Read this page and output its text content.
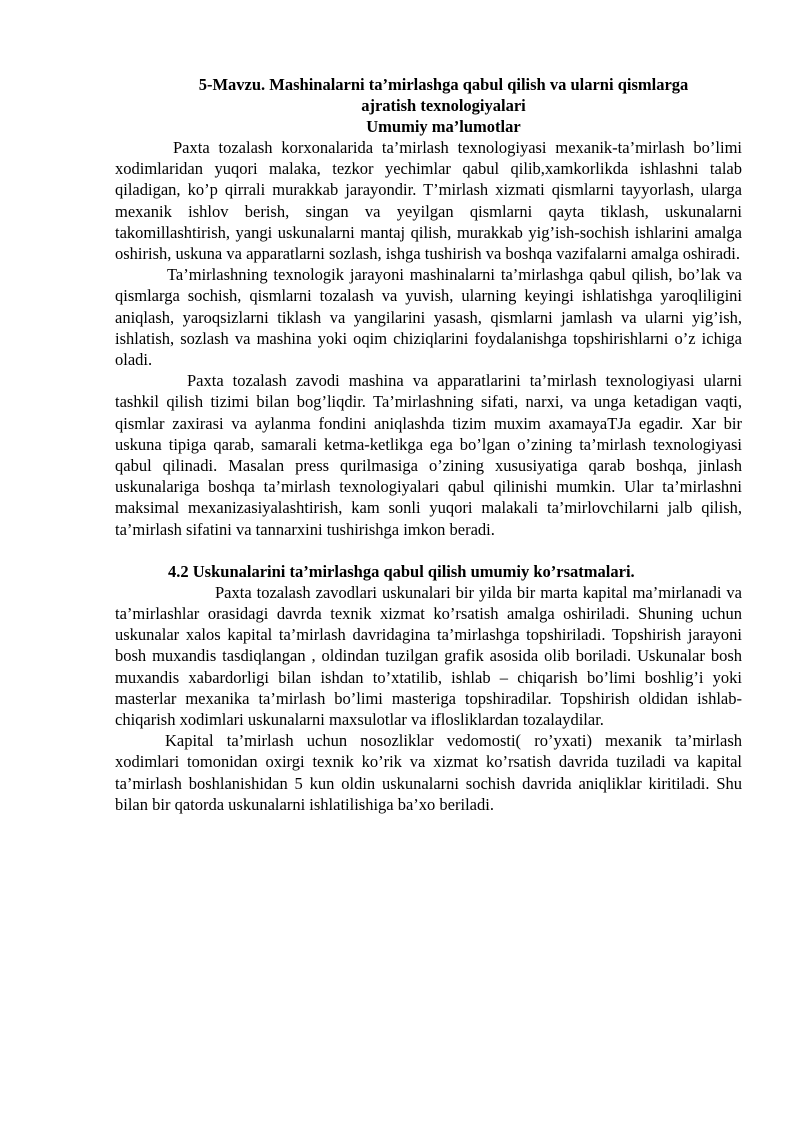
5-Mavzu. Mashinalarni ta’mirlashga qabul qilish va ularni qismlarga

ajratish texnologiyalari

Umumiy ma’lumotlar

Paxta tozalash korxonalarida ta’mirlash texnologiyasi mexanik-ta’mirlash bo’limi xodimlaridan yuqori malaka, tezkor yechimlar qabul qilib,xamkorlikda ishlashni talab qiladigan, ko’p qirrali murakkab jarayondir. T’mirlash xizmati qismlarni tayyorlash, ularga mexanik ishlov berish, singan va yeyilgan qismlarni qayta tiklash, uskunalarni takomillashtirish, yangi uskunalarni mantaj qilish, murakkab yig’ish-sochish ishlarini amalga oshirish, uskuna va apparatlarni sozlash, ishga tushirish va boshqa vazifalarni amalga oshiradi.

Ta’mirlashning texnologik jarayoni mashinalarni ta’mirlashga qabul qilish, bo’lak va qismlarga sochish, qismlarni tozalash va yuvish, ularning keyingi ishlatishga yaroqliligini aniqlash, yaroqsizlarni tiklash va yangilarini yasash, qismlarni jamlash va ularni yig’ish, ishlatish, sozlash va mashina yoki oqim chiziqlarini foydalanishga topshirishlarni o’z ichiga oladi.

Paxta tozalash zavodi mashina va apparatlarini ta’mirlash texnologiyasi ularni tashkil qilish tizimi bilan bog’liqdir. Ta’mirlashning sifati, narxi, va unga ketadigan vaqti, qismlar zaxirasi va aylanma fondini aniqlashda tizim muxim axamayaTJa egadir. Xar bir uskuna tipiga qarab, samarali ketma-ketlikga ega bo’lgan o’zining ta’mirlash texnologiyasi qabul qilinadi. Masalan press qurilmasiga o’zining xususiyatiga qarab boshqa, jinlash uskunalariga boshqa ta’mirlash texnologiyalari qabul qilinishi mumkin. Ular ta’mirlashni maksimal mexanizasiyalashtirish, kam sonli yuqori malakali ta’mirlovchilarni jalb qilish, ta’mirlash sifatini va tannarxini tushirishga imkon beradi.

4.2 Uskunalarini ta’mirlashga qabul qilish umumiy ko’rsatmalari.

Paxta tozalash zavodlari uskunalari bir yilda bir marta kapital ma’mirlanadi va ta’mirlashlar orasidagi davrda texnik xizmat ko’rsatish amalga oshiriladi. Shuning uchun uskunalar xalos kapital ta’mirlash davridagina ta’mirlashga topshiriladi. Topshirish jarayoni bosh muxandis tasdiqlangan , oldindan tuzilgan grafik asosida olib boriladi. Uskunalar bosh muxandis xabardorligi bilan ishdan to’xtatilib, ishlab – chiqarish bo’limi boshlig’i yoki masterlar mexanika ta’mirlash bo’limi masteriga topshiradilar. Topshirish oldidan ishlab-chiqarish xodimlari uskunalarni maxsulotlar va iflosliklardan tozalaydilar.

Kapital ta’mirlash uchun nosozliklar vedomosti( ro’yxati) mexanik ta’mirlash xodimlari tomonidan oxirgi texnik ko’rik va xizmat ko’rsatish davrida tuziladi va kapital ta’mirlash boshlanishidan 5 kun oldin uskunalarni sochish davrida aniqliklar kiritiladi. Shu bilan bir qatorda uskunalarni ishlatilishiga ba’xo beriladi.
